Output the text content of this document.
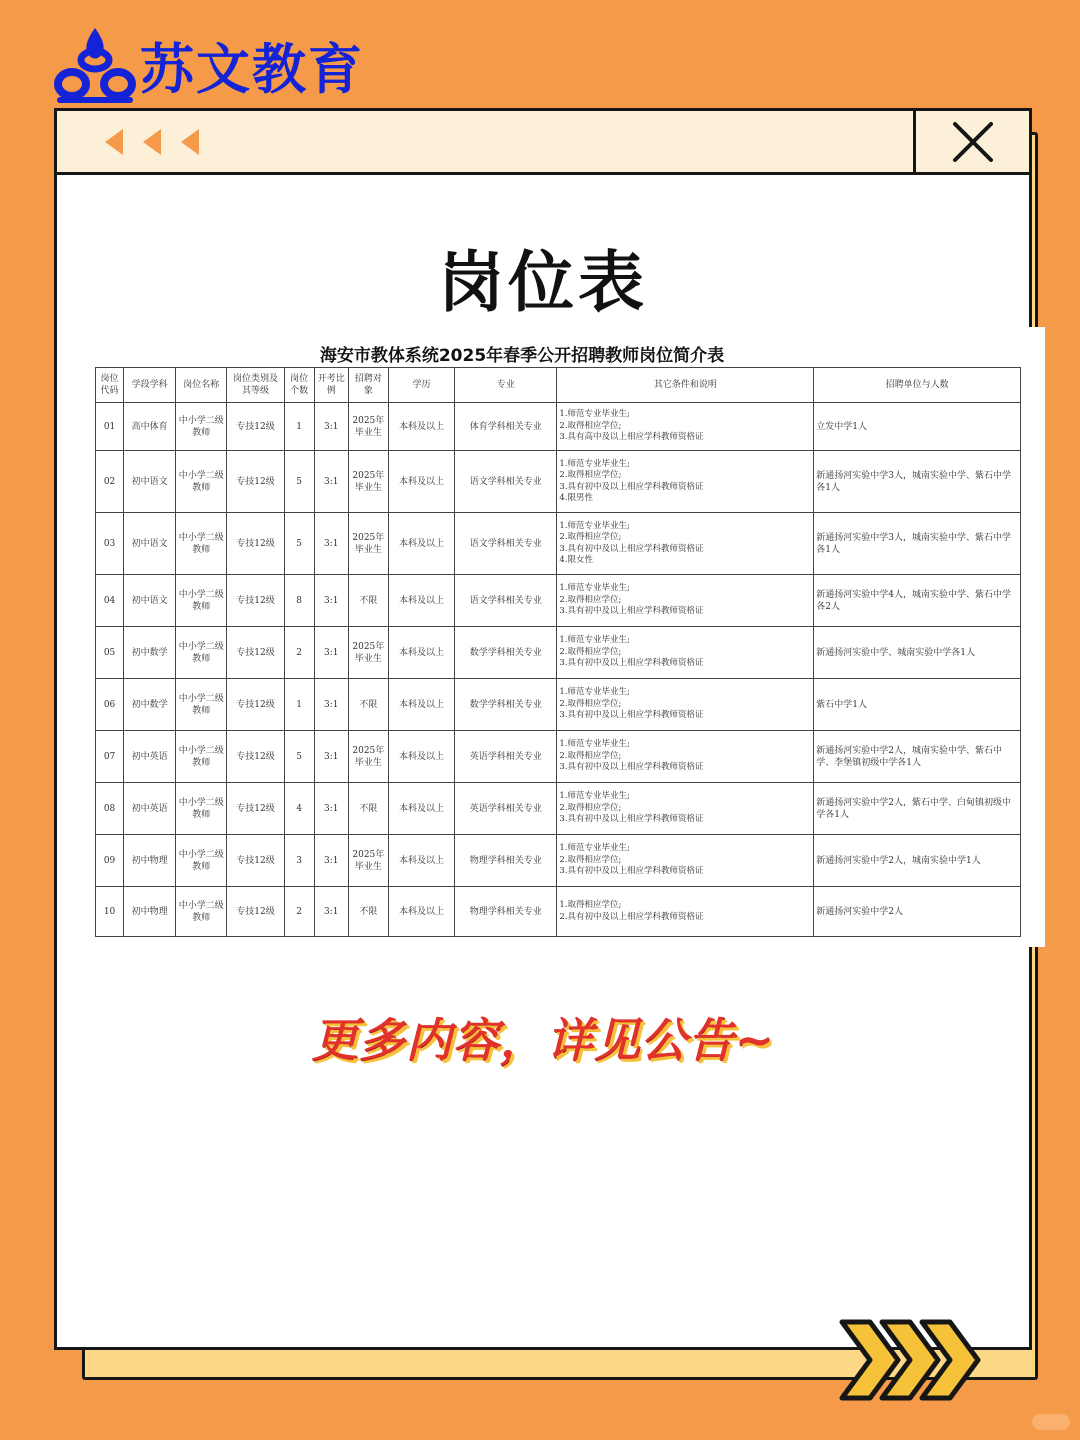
苏文教育
岗位表
海安市教体系统2025年春季公开招聘教师岗位简介表
岗位代码	学段学科	岗位名称	岗位类别及其等级	岗位个数	开考比例	招聘对象	学历	专业	其它条件和说明	招聘单位与人数
01	高中体育	中小学二级教师	专技12级	1	3:1	2025年毕业生	本科及以上	体育学科相关专业	1.师范专业毕业生;
2.取得相应学位;
3.具有高中及以上相应学科教师资格证	立发中学1人
02	初中语文	中小学二级教师	专技12级	5	3:1	2025年毕业生	本科及以上	语文学科相关专业	1.师范专业毕业生;
2.取得相应学位;
3.具有初中及以上相应学科教师资格证
4.限男性	新通扬河实验中学3人，城南实验中学、紫石中学各1人
03	初中语文	中小学二级教师	专技12级	5	3:1	2025年毕业生	本科及以上	语文学科相关专业	1.师范专业毕业生;
2.取得相应学位;
3.具有初中及以上相应学科教师资格证
4.限女性	新通扬河实验中学3人，城南实验中学、紫石中学各1人
04	初中语文	中小学二级教师	专技12级	8	3:1	不限	本科及以上	语文学科相关专业	1.师范专业毕业生;
2.取得相应学位;
3.具有初中及以上相应学科教师资格证	新通扬河实验中学4人，城南实验中学、紫石中学各2人
05	初中数学	中小学二级教师	专技12级	2	3:1	2025年毕业生	本科及以上	数学学科相关专业	1.师范专业毕业生;
2.取得相应学位;
3.具有初中及以上相应学科教师资格证	新通扬河实验中学、城南实验中学各1人
06	初中数学	中小学二级教师	专技12级	1	3:1	不限	本科及以上	数学学科相关专业	1.师范专业毕业生;
2.取得相应学位;
3.具有初中及以上相应学科教师资格证	紫石中学1人
07	初中英语	中小学二级教师	专技12级	5	3:1	2025年毕业生	本科及以上	英语学科相关专业	1.师范专业毕业生;
2.取得相应学位;
3.具有初中及以上相应学科教师资格证	新通扬河实验中学2人，城南实验中学、紫石中学、李堡镇初级中学各1人
08	初中英语	中小学二级教师	专技12级	4	3:1	不限	本科及以上	英语学科相关专业	1.师范专业毕业生;
2.取得相应学位;
3.具有初中及以上相应学科教师资格证	新通扬河实验中学2人，紫石中学、白甸镇初级中学各1人
09	初中物理	中小学二级教师	专技12级	3	3:1	2025年毕业生	本科及以上	物理学科相关专业	1.师范专业毕业生;
2.取得相应学位;
3.具有初中及以上相应学科教师资格证	新通扬河实验中学2人，城南实验中学1人
10	初中物理	中小学二级教师	专技12级	2	3:1	不限	本科及以上	物理学科相关专业	1.取得相应学位;
2.具有初中及以上相应学科教师资格证	新通扬河实验中学2人
更多内容，详见公告~
